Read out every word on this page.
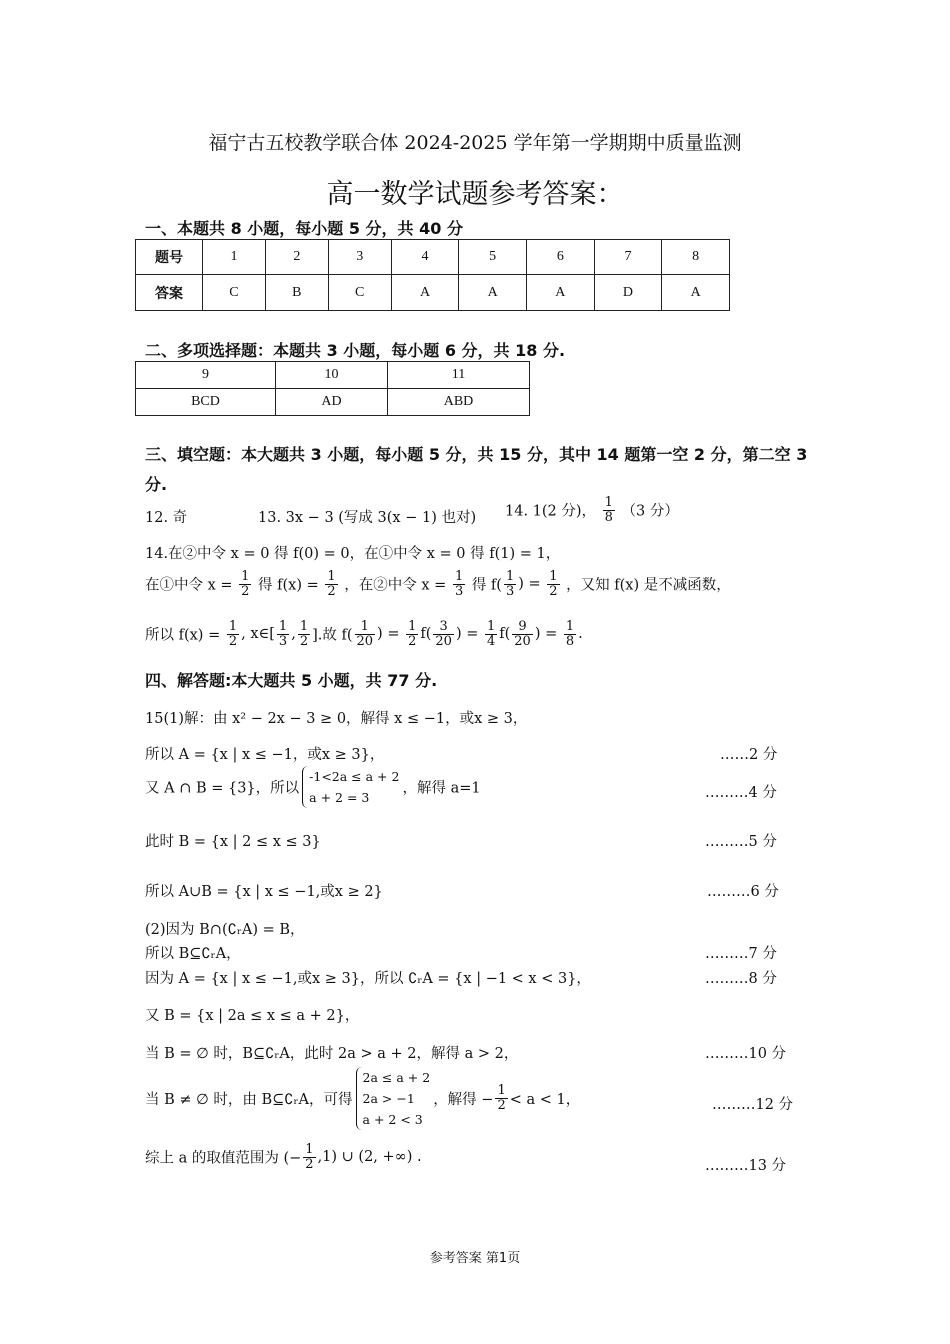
福宁古五校教学联合体 2024-2025 学年第一学期期中质量监测
高一数学试题参考答案：
一、本题共 8 小题，每小题 5 分，共 40 分
题号	1	2	3	4	5	6	7	8
答案	C	B	C	A	A	A	D	A
二、多项选择题：本题共 3 小题，每小题 6 分，共 18 分.
9	10	11
BCD	AD	ABD
三、填空题：本大题共 3 小题，每小题 5 分，共 15 分，其中 14 题第一空 2 分，第二空 3 分.
12. 奇	13. 3x − 3 (写成 3(x − 1) 也对) 14. 1(2 分)， $\frac{1}{8} (3$ 分）
14.在②中令 x = 0 得 f(0) = 0，在①中令 x = 0 得 f(1) = 1，
在①中令 $x = \frac{1}{2}$ 得 $f(x) = \frac{1}{2}$ ，在②中令 $x = \frac{1}{3}$ 得 $f( \frac{1}{3}$ ) = $\frac{1}{2}$ ，又知 f(x) 是不减函数，
所以 $f(x) = \frac{1}{2}$ , x∈[ $\frac{1}{3}$ , $\frac{1}{2}$ ].故 $f( \frac{1}{20}$ ) = $\frac{1}{2} f( \frac{3}{20}$ ) = $\frac{1}{4} f( \frac{9}{20}$ ) = $\frac{1}{8}$ .
四、解答题:本大题共 5 小题，共 77 分.
15(1)解：由 x² − 2x − 3 ≥ 0，解得 x ≤ −1，或x ≥ 3，
所以 A = {x | x ≤ −1，或x ≥ 3}，	……2 分
又 A ∩ B = {3}，所以
-1<2a ≤ a + 2
a + 2 = 3
，解得 a=1	………4 分
此时 B = {x | 2 ≤ x ≤ 3}	………5 分
所以 A∪B = {x | x ≤ −1,或x ≥ 2}	………6 分
(2)因为 B∩(∁ᵣA) = B，
所以 B⊆∁ᵣA，	………7 分
因为 A = {x | x ≤ −1,或x ≥ 3}，所以 ∁ᵣA = {x | −1 < x < 3}，	………8 分
又 B = {x | 2a ≤ x ≤ a + 2}，
当 B = ∅ 时，B⊆∁ᵣA，此时 2a > a + 2，解得 a > 2，	………10 分
当 B ≠ ∅ 时，由 B⊆∁ᵣA，可得
2a ≤ a + 2
2a > −1
a + 2 < 3
，解得 − $\frac{1}{2} < a < 1$，	………12 分
综上 a 的取值范围为 (− $\frac{1}{2} ,1$) ∪ (2, +∞) .
………13 分
参考答案 第1页
